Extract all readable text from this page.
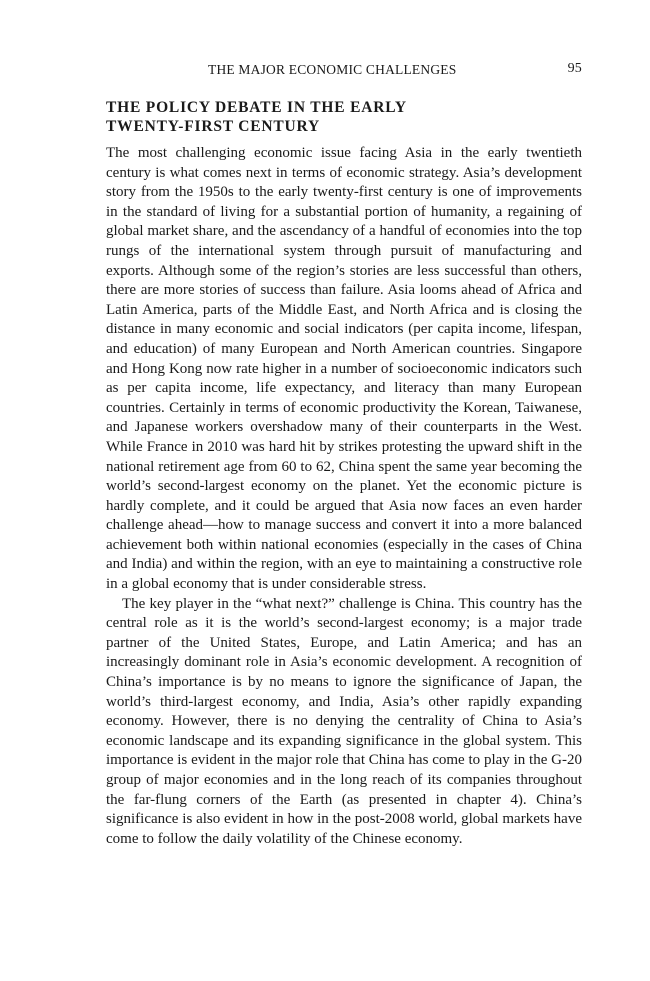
THE MAJOR ECONOMIC CHALLENGES	95
THE POLICY DEBATE IN THE EARLY
TWENTY-FIRST CENTURY

The most challenging economic issue facing Asia in the early twentieth century is what comes next in terms of economic strategy. Asia’s development story from the 1950s to the early twenty-first century is one of improvements in the standard of living for a substantial portion of humanity, a regaining of global market share, and the ascendancy of a handful of economies into the top rungs of the international system through pursuit of manufacturing and exports. Although some of the region’s stories are less successful than others, there are more stories of success than failure. Asia looms ahead of Africa and Latin America, parts of the Middle East, and North Africa and is closing the distance in many economic and social indicators (per capita income, lifespan, and education) of many European and North American countries. Singapore and Hong Kong now rate higher in a number of socioeconomic indicators such as per capita income, life expectancy, and literacy than many European countries. Certainly in terms of economic productivity the Korean, Taiwanese, and Japanese workers overshadow many of their counterparts in the West. While France in 2010 was hard hit by strikes protesting the upward shift in the national retirement age from 60 to 62, China spent the same year becoming the world’s second-largest economy on the planet. Yet the economic picture is hardly complete, and it could be argued that Asia now faces an even harder challenge ahead—how to manage success and convert it into a more balanced achievement both within national economies (especially in the cases of China and India) and within the region, with an eye to maintaining a constructive role in a global economy that is under considerable stress.

The key player in the “what next?” challenge is China. This country has the central role as it is the world’s second-largest economy; is a major trade partner of the United States, Europe, and Latin America; and has an increasingly dominant role in Asia’s economic development. A recognition of China’s importance is by no means to ignore the significance of Japan, the world’s third-largest economy, and India, Asia’s other rapidly expanding economy. However, there is no denying the centrality of China to Asia’s economic landscape and its expanding significance in the global system. This importance is evident in the major role that China has come to play in the G-20 group of major economies and in the long reach of its companies throughout the far-flung corners of the Earth (as presented in chapter 4). China’s significance is also evident in how in the post-2008 world, global markets have come to follow the daily volatility of the Chinese economy.
